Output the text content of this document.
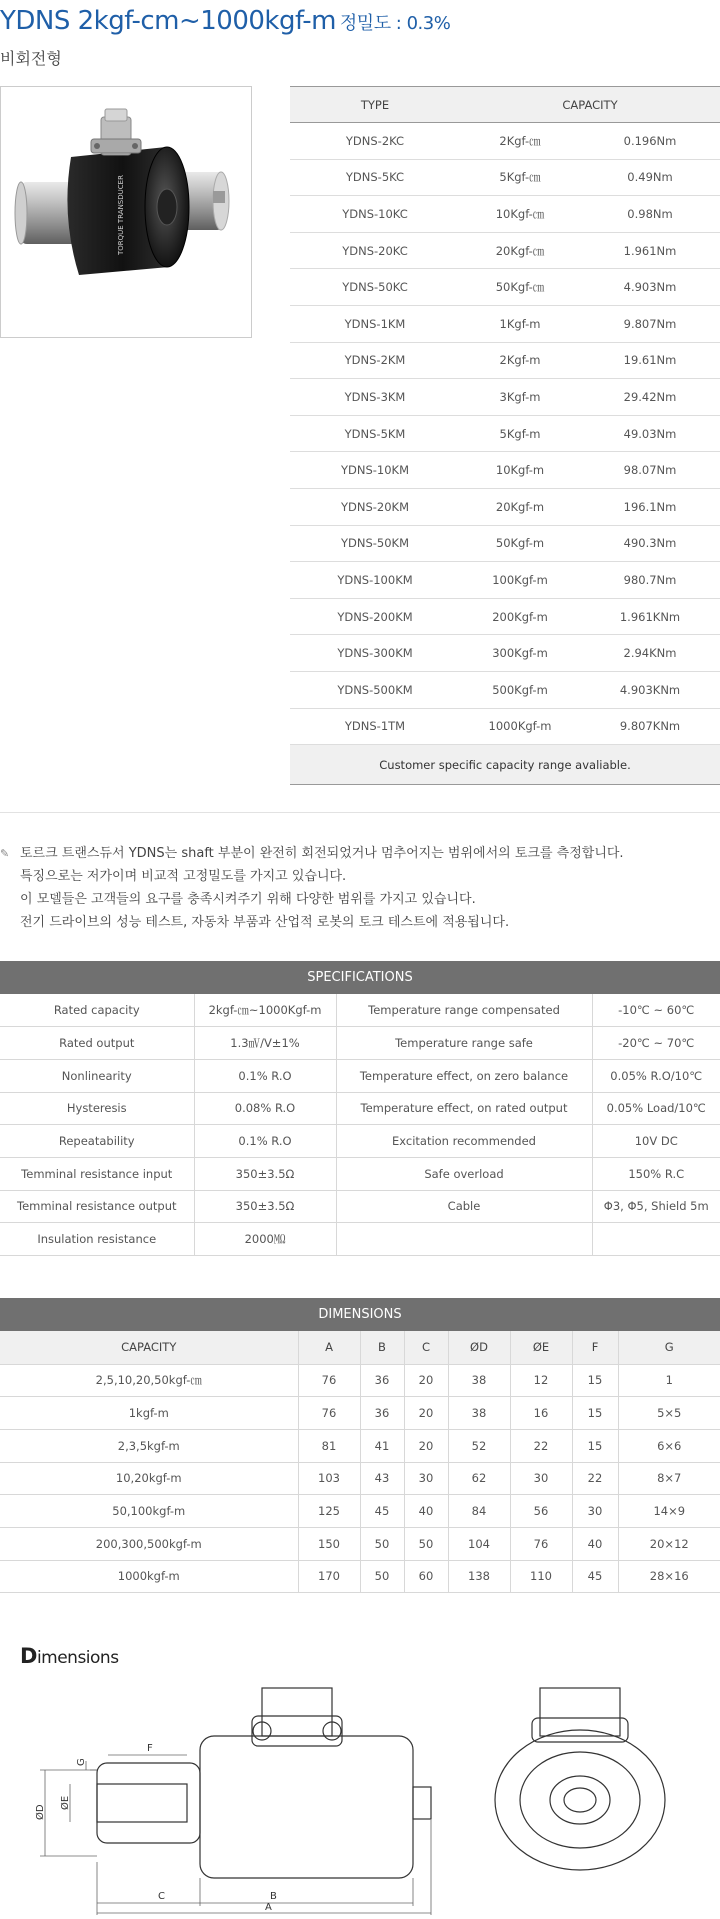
YDNS 2kgf-cm~1000kgf-m 정밀도 : 0.3%
비회전형
TORQUE TRANSDUCER
TYPE	CAPACITY	
YDNS-2KC	2Kgf-㎝	0.196Nm
YDNS-5KC	5Kgf-㎝	0.49Nm
YDNS-10KC	10Kgf-㎝	0.98Nm
YDNS-20KC	20Kgf-㎝	1.961Nm
YDNS-50KC	50Kgf-㎝	4.903Nm
YDNS-1KM	1Kgf-m	9.807Nm
YDNS-2KM	2Kgf-m	19.61Nm
YDNS-3KM	3Kgf-m	29.42Nm
YDNS-5KM	5Kgf-m	49.03Nm
YDNS-10KM	10Kgf-m	98.07Nm
YDNS-20KM	20Kgf-m	196.1Nm
YDNS-50KM	50Kgf-m	490.3Nm
YDNS-100KM	100Kgf-m	980.7Nm
YDNS-200KM	200Kgf-m	1.961KNm
YDNS-300KM	300Kgf-m	2.94KNm
YDNS-500KM	500Kgf-m	4.903KNm
YDNS-1TM	1000Kgf-m	9.807KNm
Customer specific capacity range avaliable.		
✎ 토르크 트랜스듀서 YDNS는 shaft 부분이 완전히 회전되었거나 멈추어지는 범위에서의 토크를 측정합니다.
특징으로는 저가이며 비교적 고정밀도를 가지고 있습니다.
이 모델들은 고객들의 요구를 충족시켜주기 위해 다양한 범위를 가지고 있습니다.
전기 드라이브의 성능 테스트, 자동차 부품과 산업적 로봇의 토크 테스트에 적용됩니다.
SPECIFICATIONS			
Rated capacity	2kgf-㎝~1000Kgf-m	Temperature range compensated	-10℃ ~ 60℃
Rated output	1.3㎷/V±1%	Temperature range safe	-20℃ ~ 70℃
Nonlinearity	0.1% R.O	Temperature effect, on zero balance	0.05% R.O/10℃
Hysteresis	0.08% R.O	Temperature effect, on rated output	0.05% Load/10℃
Repeatability	0.1% R.O	Excitation recommended	10V DC
Temminal resistance input	350±3.5Ω	Safe overload	150% R.C
Temminal resistance output	350±3.5Ω	Cable	Φ3, Φ5, Shield 5m
Insulation resistance	2000㏁		
DIMENSIONS							
CAPACITY	A	B	C	ØD	ØE	F	G
2,5,10,20,50kgf-㎝	76	36	20	38	12	15	1
1kgf-m	76	36	20	38	16	15	5×5
2,3,5kgf-m	81	41	20	52	22	15	6×6
10,20kgf-m	103	43	30	62	30	22	8×7
50,100kgf-m	125	45	40	84	56	30	14×9
200,300,500kgf-m	150	50	50	104	76	40	20×12
1000kgf-m	170	50	60	138	110	45	28×16
Dimensions
ØD
ØE
G
F
C	B
A
